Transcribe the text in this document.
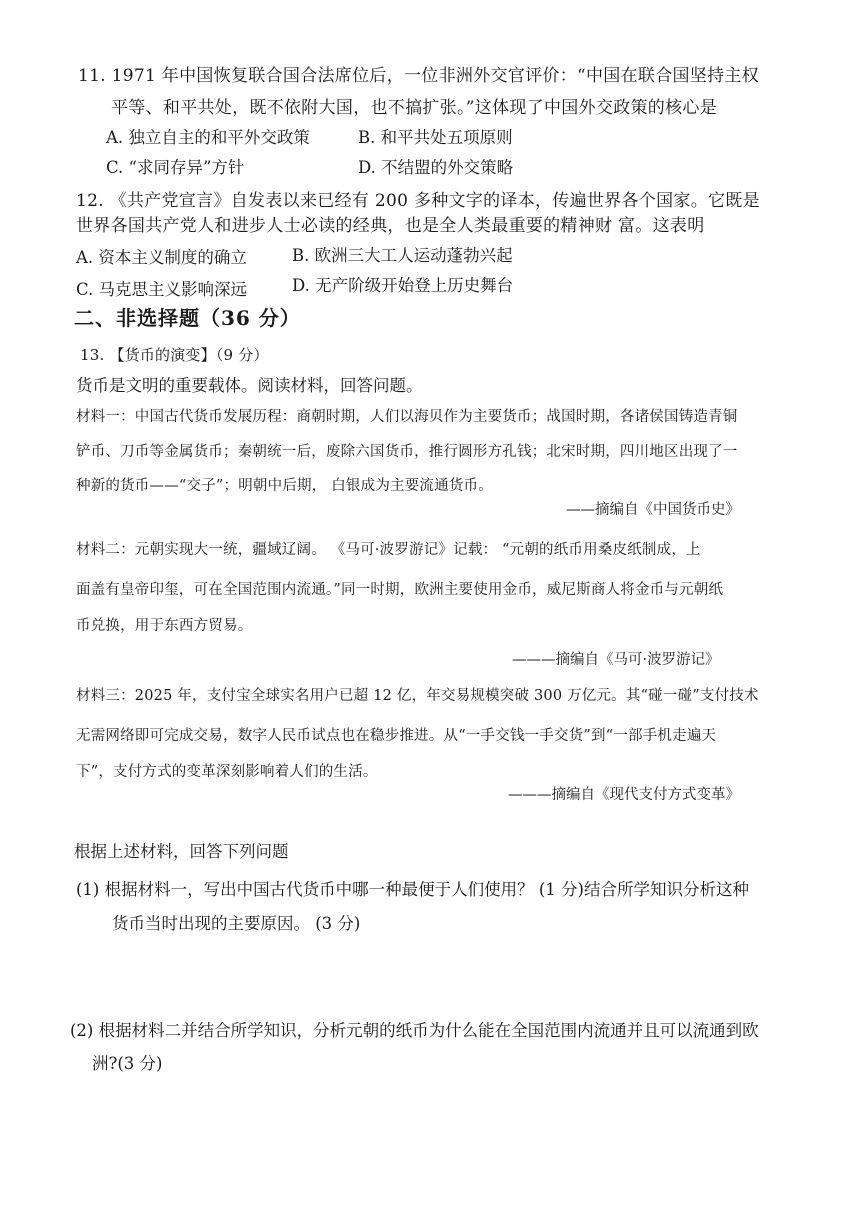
11. 1971 年中国恢复联合国合法席位后，一位非洲外交官评价：“中国在联合国坚持主权
平等、和平共处，既不依附大国，也不搞扩张。”这体现了中国外交政策的核心是
A. 独立自主的和平外交政策	B. 和平共处五项原则
C. “求同存异”方针	D. 不结盟的外交策略
12. 《共产党宣言》自发表以来已经有 200 多种文字的译本，传遍世界各个国家。它既是
世界各国共产党人和进步人士必读的经典，也是全人类最重要的精神财 富。这表明
A. 资本主义制度的确立	B. 欧洲三大工人运动蓬勃兴起
C. 马克思主义影响深远	D. 无产阶级开始登上历史舞台
二、非选择题（36 分）
13. 【货币的演变】（9 分）
货币是文明的重要载体。阅读材料，回答问题。
材料一：中国古代货币发展历程：商朝时期，人们以海贝作为主要货币；战国时期，各诸侯国铸造青铜
铲币、刀币等金属货币；秦朝统一后，废除六国货币，推行圆形方孔钱；北宋时期，四川地区出现了一
种新的货币——“交子”；明朝中后期， 白银成为主要流通货币。
——摘编自《中国货币史》
材料二：元朝实现大一统，疆域辽阔。 《马可·波罗游记》记载： “元朝的纸币用桑皮纸制成，上
面盖有皇帝印玺，可在全国范围内流通。”同一时期，欧洲主要使用金币，威尼斯商人将金币与元朝纸
币兑换，用于东西方贸易。
———摘编自《马可·波罗游记》
材料三：2025 年，支付宝全球实名用户已超 12 亿，年交易规模突破 300 万亿元。其“碰一碰”支付技术
无需网络即可完成交易，数字人民币试点也在稳步推进。从“一手交钱一手交货”到“一部手机走遍天
下”，支付方式的变革深刻影响着人们的生活。
———摘编自《现代支付方式变革》
根据上述材料，回答下列问题
(1) 根据材料一，写出中国古代货币中哪一种最便于人们使用？ (1 分)结合所学知识分析这种
货币当时出现的主要原因。 (3 分)
(2) 根据材料二并结合所学知识，分析元朝的纸币为什么能在全国范围内流通并且可以流通到欧
洲?(3 分)
